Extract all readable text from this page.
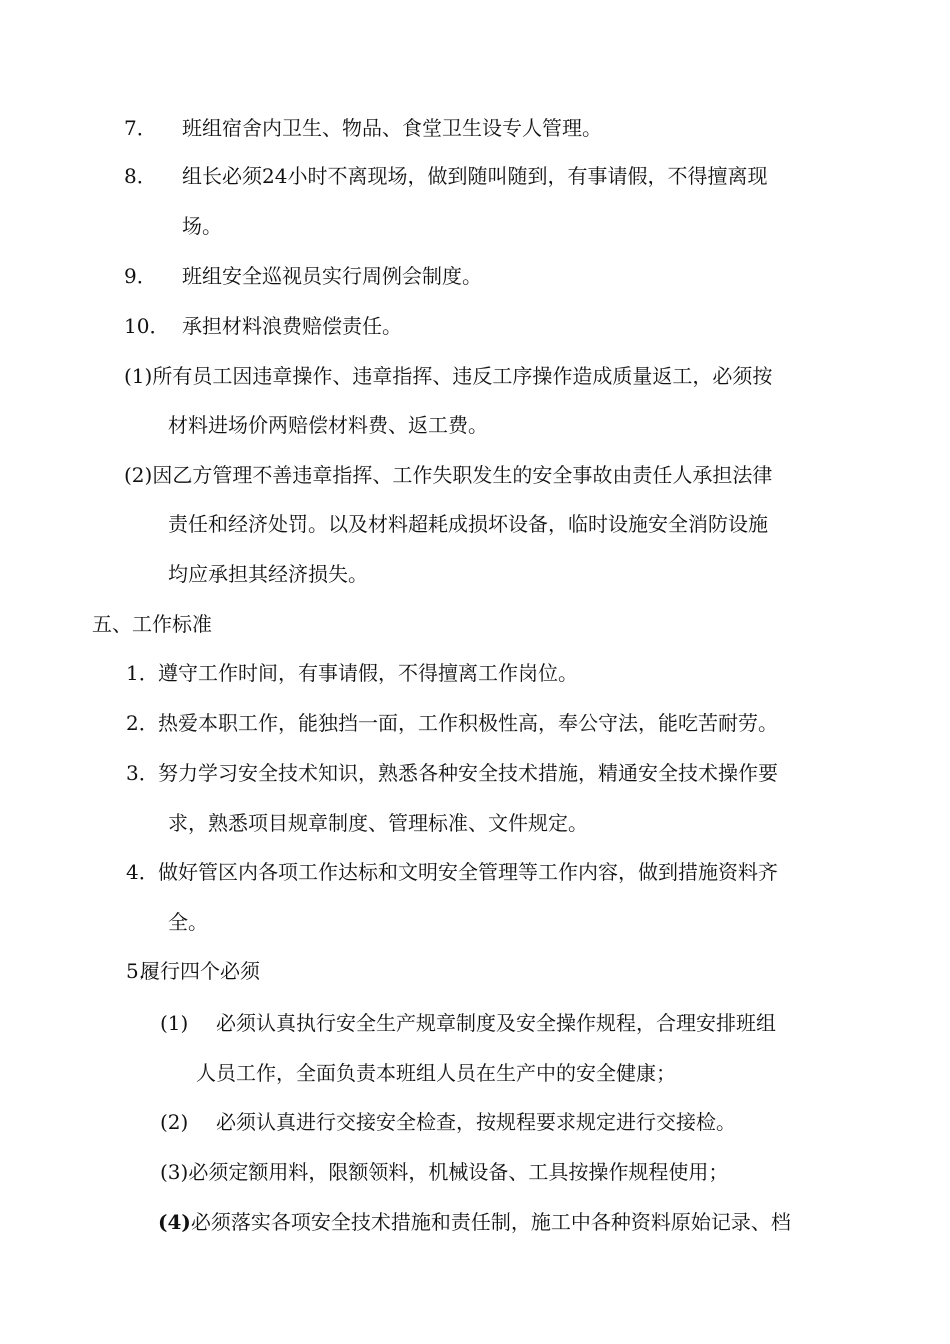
7． 班组宿舍内卫生、物品、食堂卫生设专人管理。
8． 组长必须24小时不离现场，做到随叫随到，有事请假，不得擅离现
场。
9． 班组安全巡视员实行周例会制度。
10． 承担材料浪费赔偿责任。
(1)所有员工因违章操作、违章指挥、违反工序操作造成质量返工，必须按
材料进场价两赔偿材料费、返工费。
(2)因乙方管理不善违章指挥、工作失职发生的安全事故由责任人承担法律
责任和经济处罚。以及材料超耗成损坏设备，临时设施安全消防设施
均应承担其经济损失。
五、工作标准
1．遵守工作时间，有事请假，不得擅离工作岗位。
2．热爱本职工作，能独挡一面，工作积极性高，奉公守法，能吃苦耐劳。
3．努力学习安全技术知识，熟悉各种安全技术措施，精通安全技术操作要
求，熟悉项目规章制度、管理标准、文件规定。
4．做好管区内各项工作达标和文明安全管理等工作内容，做到措施资料齐
全。
5.履行四个必须
(1) 必须认真执行安全生产规章制度及安全操作规程，合理安排班组
人员工作，全面负责本班组人员在生产中的安全健康；
(2) 必须认真进行交接安全检查，按规程要求规定进行交接检。
(3)必须定额用料，限额领料，机械设备、工具按操作规程使用；
(4)必须落实各项安全技术措施和责任制，施工中各种资料原始记录、档
